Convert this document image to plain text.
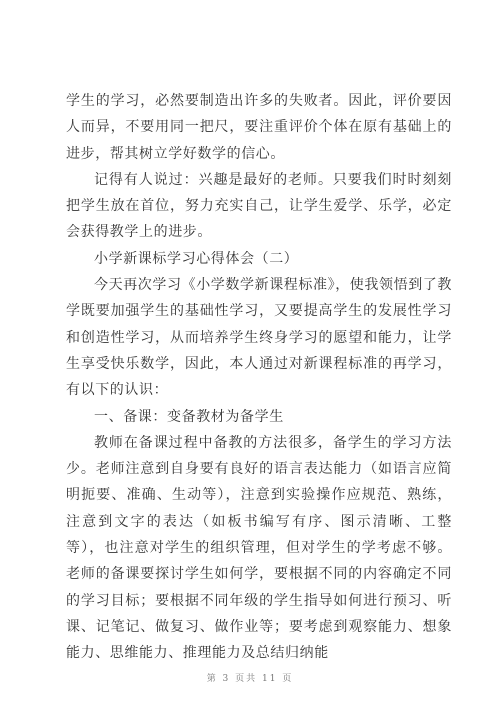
学生的学习，必然要制造出许多的失败者。因此，评价要因人而异，不要用同一把尺，要注重评价个体在原有基础上的进步，帮其树立学好数学的信心。

记得有人说过：兴趣是最好的老师。只要我们时时刻刻把学生放在首位，努力充实自己，让学生爱学、乐学，必定会获得教学上的进步。

小学新课标学习心得体会（二）

今天再次学习《小学数学新课程标准》，使我领悟到了教学既要加强学生的基础性学习，又要提高学生的发展性学习和创造性学习，从而培养学生终身学习的愿望和能力，让学生享受快乐数学，因此，本人通过对新课程标准的再学习，有以下的认识：

一、备课：变备教材为备学生

教师在备课过程中备教的方法很多，备学生的学习方法少。老师注意到自身要有良好的语言表达能力（如语言应简明扼要、准确、生动等），注意到实验操作应规范、熟练，注意到文字的表达（如板书编写有序、图示清晰、工整等），也注意对学生的组织管理，但对学生的学考虑不够。老师的备课要探讨学生如何学，要根据不同的内容确定不同的学习目标；要根据不同年级的学生指导如何进行预习、听课、记笔记、做复习、做作业等；要考虑到观察能力、想象能力、思维能力、推理能力及总结归纳能

第 3 页共 11 页
